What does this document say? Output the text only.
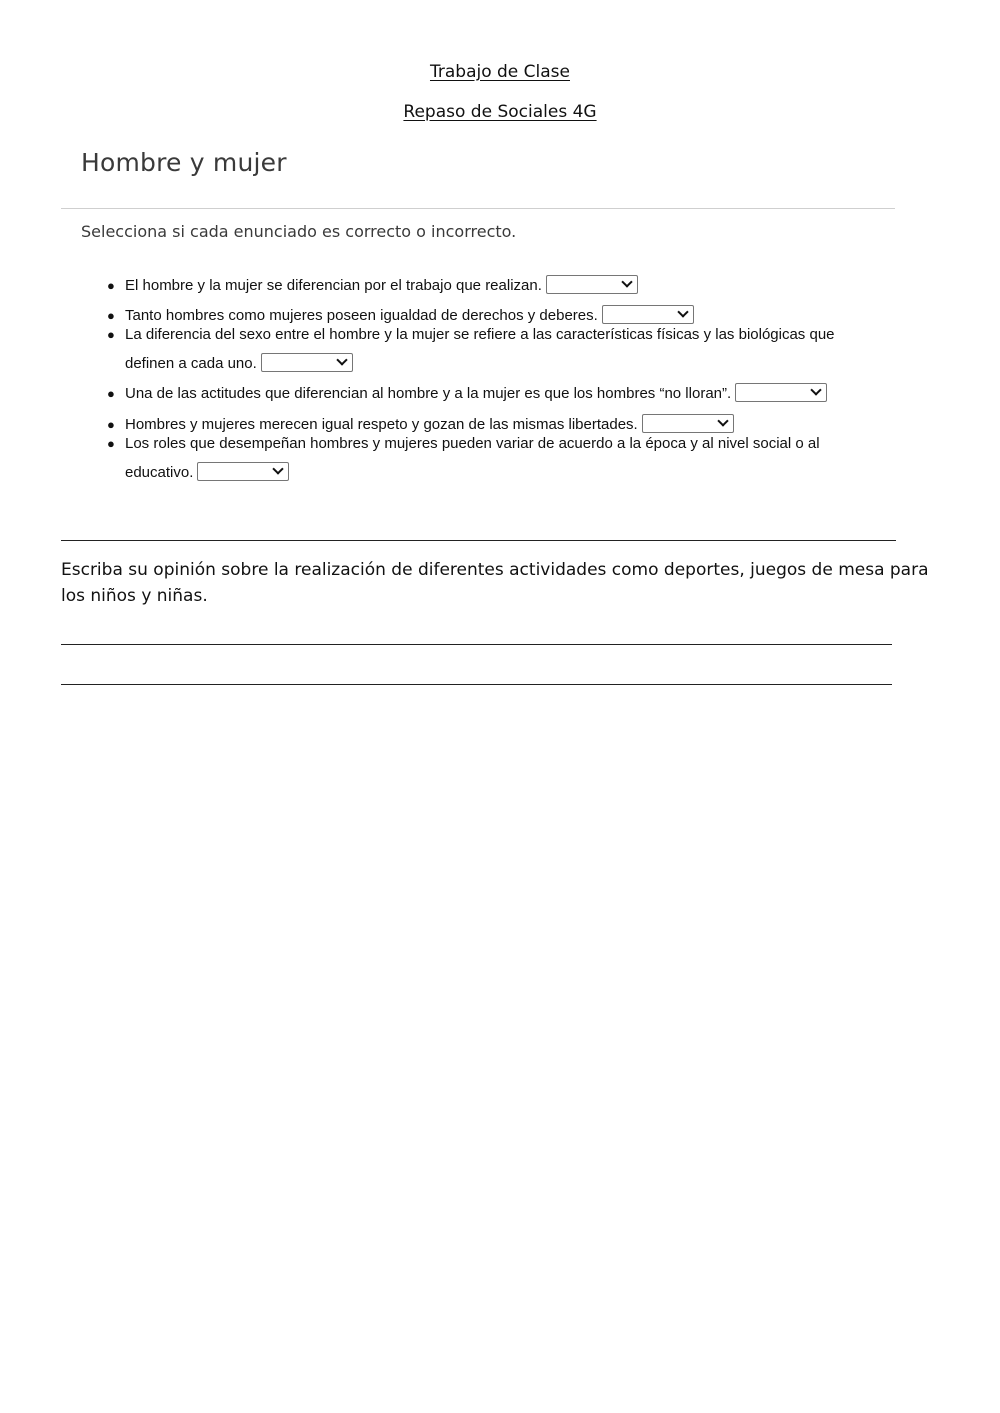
Trabajo de Clase
Repaso de Sociales 4G
Hombre y mujer
Selecciona si cada enunciado es correcto o incorrecto.
● El hombre y la mujer se diferencian por el trabajo que realizan.
● Tanto hombres como mujeres poseen igualdad de derechos y deberes.
● La diferencia del sexo entre el hombre y la mujer se refiere a las características físicas y las biológicas que definen a cada uno.
● Una de las actitudes que diferencian al hombre y a la mujer es que los hombres “no lloran”.
● Hombres y mujeres merecen igual respeto y gozan de las mismas libertades.
● Los roles que desempeñan hombres y mujeres pueden variar de acuerdo a la época y al nivel social o al educativo.
Escriba su opinión sobre la realización de diferentes actividades como deportes, juegos de mesa para los niños y niñas.
